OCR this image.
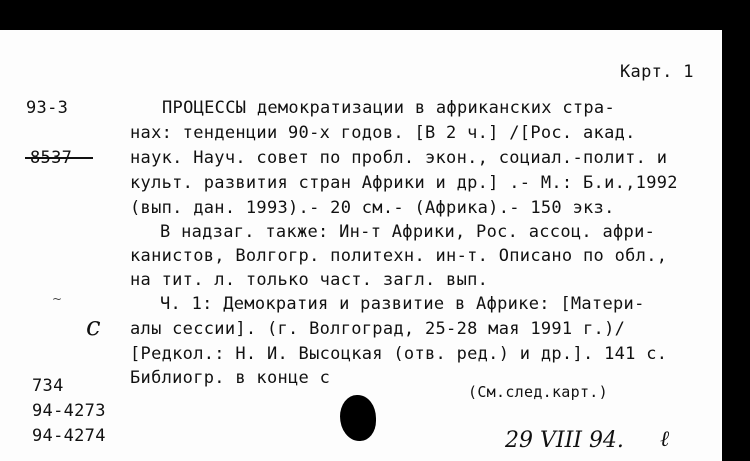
Карт. 1
93-3
8537
ПРОЦЕССЫ демократизации в африканских стра-
нах: тенденции 90-х годов. [В 2 ч.] /[Рос. акад.
наук. Науч. совет по пробл. экон., социал.-полит. и
культ. развития стран Африки и др.] .- М.: Б.и.,1992
(вып. дан. 1993).- 20 см.- (Африка).- 150 экз.
В надзаг. также: Ин-т Африки, Рос. ассоц. афри-
канистов, Волгогр. политехн. ин-т. Описано по обл.,
на тит. л. только част. загл. вып.
Ч. 1: Демократия и развитие в Африке: [Матери-
алы сессии]. (г. Волгоград, 25-28 мая 1991 г.)/
[Редкол.: Н. И. Высоцкая (отв. ред.) и др.]. 141 с.
Библиогр. в конце с
~
c
(См.след.карт.)
734
94-4273
94-4274	29 VIII 94. ℓ
